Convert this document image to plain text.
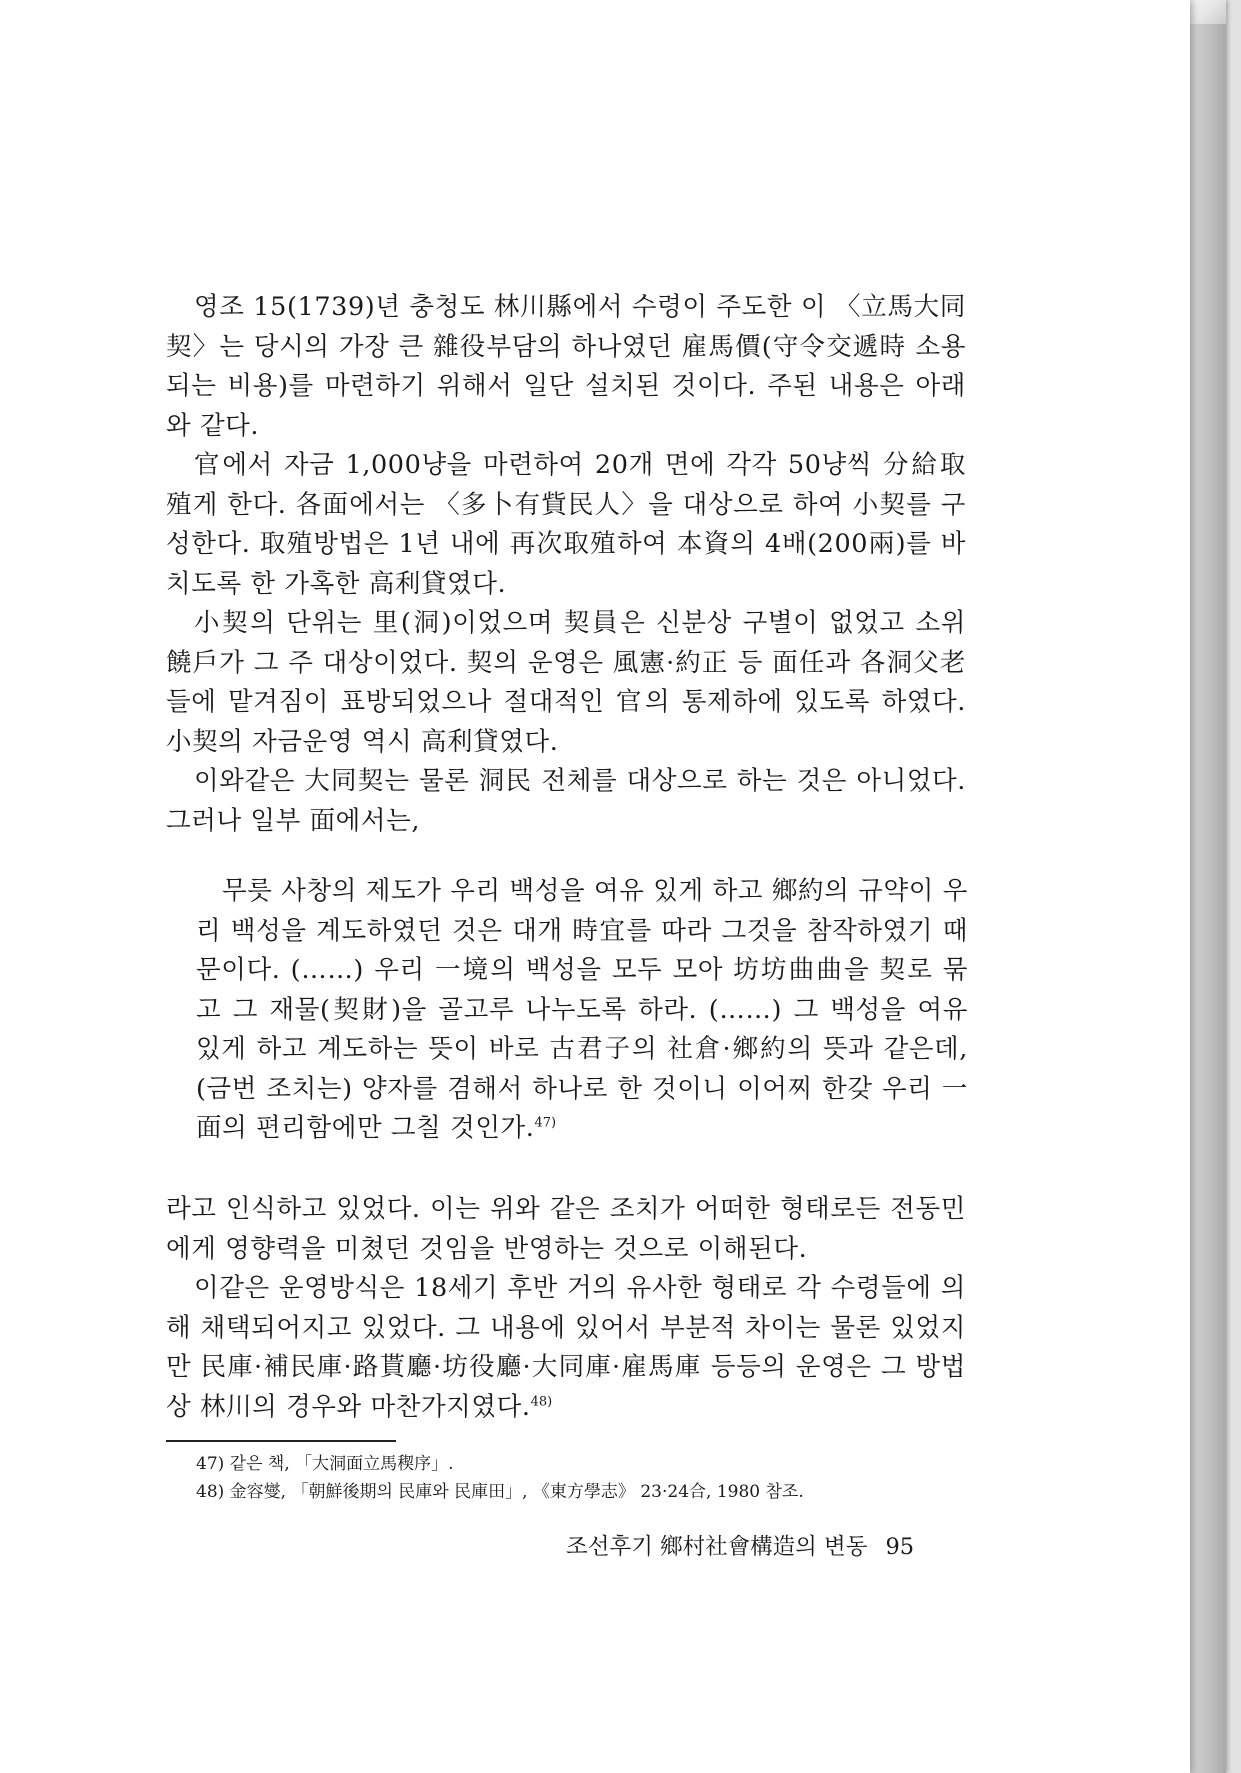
영조 15(1739)년 충청도 林川縣에서 수령이 주도한 이 〈立馬大同契〉는 당시의 가장 큰 雜役부담의 하나였던 雇馬價(守令交遞時 소용되는 비용)를 마련하기 위해서 일단 설치된 것이다. 주된 내용은 아래와 같다.

官에서 자금 1,000냥을 마련하여 20개 면에 각각 50냥씩 分給取殖게 한다. 各面에서는 〈多卜有貲民人〉을 대상으로 하여 小契를 구성한다. 取殖방법은 1년 내에 再次取殖하여 本資의 4배(200兩)를 바치도록 한 가혹한 高利貸였다.

小契의 단위는 里(洞)이었으며 契員은 신분상 구별이 없었고 소위 饒戶가 그 주 대상이었다. 契의 운영은 風憲·約正 등 面任과 各洞父老들에 맡겨짐이 표방되었으나 절대적인 官의 통제하에 있도록 하였다. 小契의 자금운영 역시 高利貸였다.

이와같은 大同契는 물론 洞民 전체를 대상으로 하는 것은 아니었다. 그러나 일부 面에서는,

무릇 사창의 제도가 우리 백성을 여유 있게 하고 鄉約의 규약이 우리 백성을 계도하였던 것은 대개 時宜를 따라 그것을 참작하였기 때문이다. (……) 우리 一境의 백성을 모두 모아 坊坊曲曲을 契로 묶고 그 재물(契財)을 골고루 나누도록 하라. (……) 그 백성을 여유 있게 하고 계도하는 뜻이 바로 古君子의 社倉·鄉約의 뜻과 같은데, (금번 조치는) 양자를 겸해서 하나로 한 것이니 이어찌 한갖 우리 一面의 편리함에만 그칠 것인가.$^{47)}$

라고 인식하고 있었다. 이는 위와 같은 조치가 어떠한 형태로든 전동민에게 영향력을 미쳤던 것임을 반영하는 것으로 이해된다.

이같은 운영방식은 18세기 후반 거의 유사한 형태로 각 수령들에 의해 채택되어지고 있었다. 그 내용에 있어서 부분적 차이는 물론 있었지만 民庫·補民庫·路貰廳·坊役廳·大同庫·雇馬庫 등등의 운영은 그 방법상 林川의 경우와 마찬가지였다.$^{48)}$

47) 같은 책, 「大洞面立馬稧序」.

48) 金容燮, 「朝鮮後期의 民庫와 民庫田」, 《東方學志》 23·24合, 1980 참조.

조선후기 鄉村社會構造의 변동 95
